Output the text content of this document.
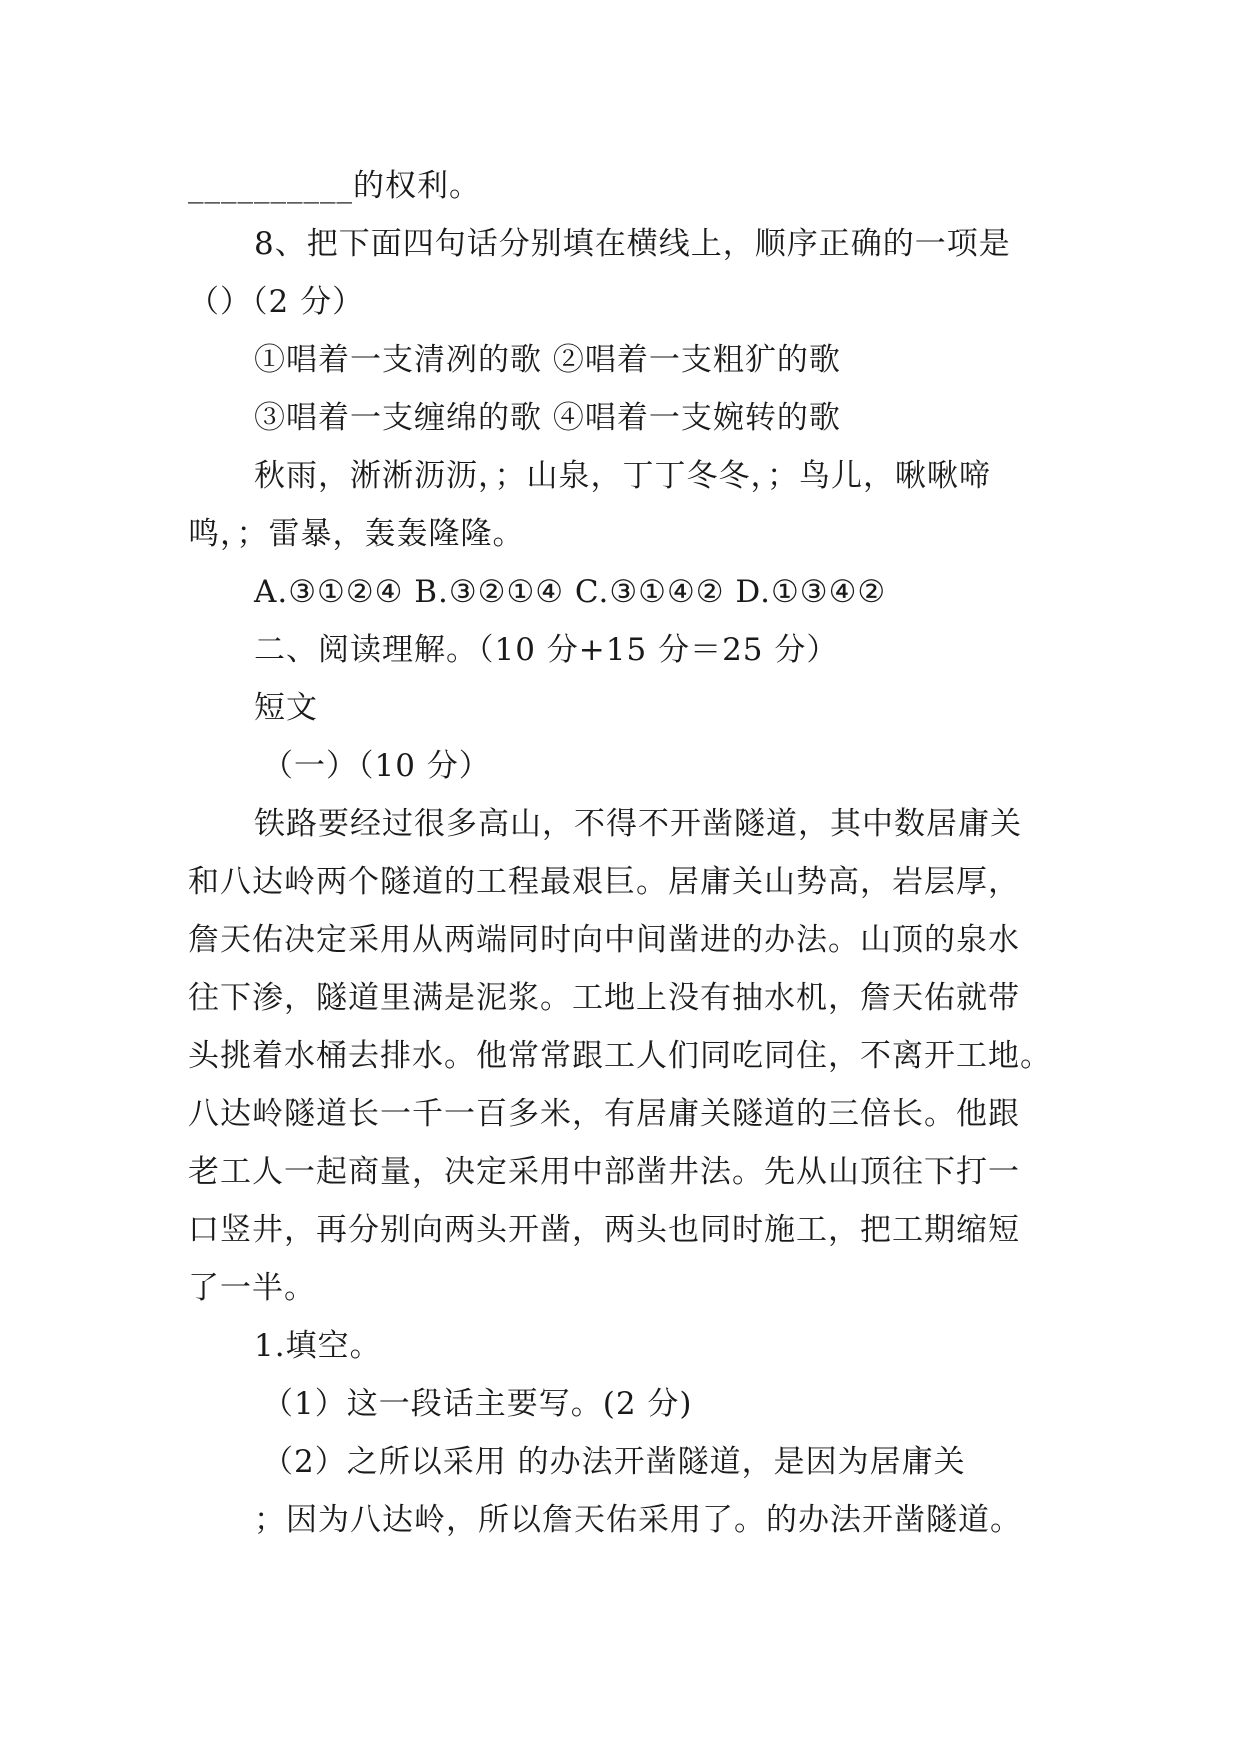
__________的权利。
8、把下面四句话分别填在横线上，顺序正确的一项是
（）（2 分）
①唱着一支清冽的歌 ②唱着一支粗犷的歌
③唱着一支缠绵的歌 ④唱着一支婉转的歌
秋雨，淅淅沥沥，；山泉，丁丁冬冬，；鸟儿，啾啾啼
鸣，；雷暴，轰轰隆隆。
A.③①②④ B.③②①④ C.③①④② D.①③④②
二、阅读理解。（10 分+15 分＝25 分）
短文
（一）（10 分）
铁路要经过很多高山，不得不开凿隧道，其中数居庸关
和八达岭两个隧道的工程最艰巨。居庸关山势高，岩层厚，
詹天佑决定采用从两端同时向中间凿进的办法。山顶的泉水
往下渗，隧道里满是泥浆。工地上没有抽水机，詹天佑就带
头挑着水桶去排水。他常常跟工人们同吃同住，不离开工地。
八达岭隧道长一千一百多米，有居庸关隧道的三倍长。他跟
老工人一起商量，决定采用中部凿井法。先从山顶往下打一
口竖井，再分别向两头开凿，两头也同时施工，把工期缩短
了一半。
1.填空。
（1）这一段话主要写。(2 分)
（2）之所以采用 的办法开凿隧道，是因为居庸关
；因为八达岭，所以詹天佑采用了。的办法开凿隧道。
